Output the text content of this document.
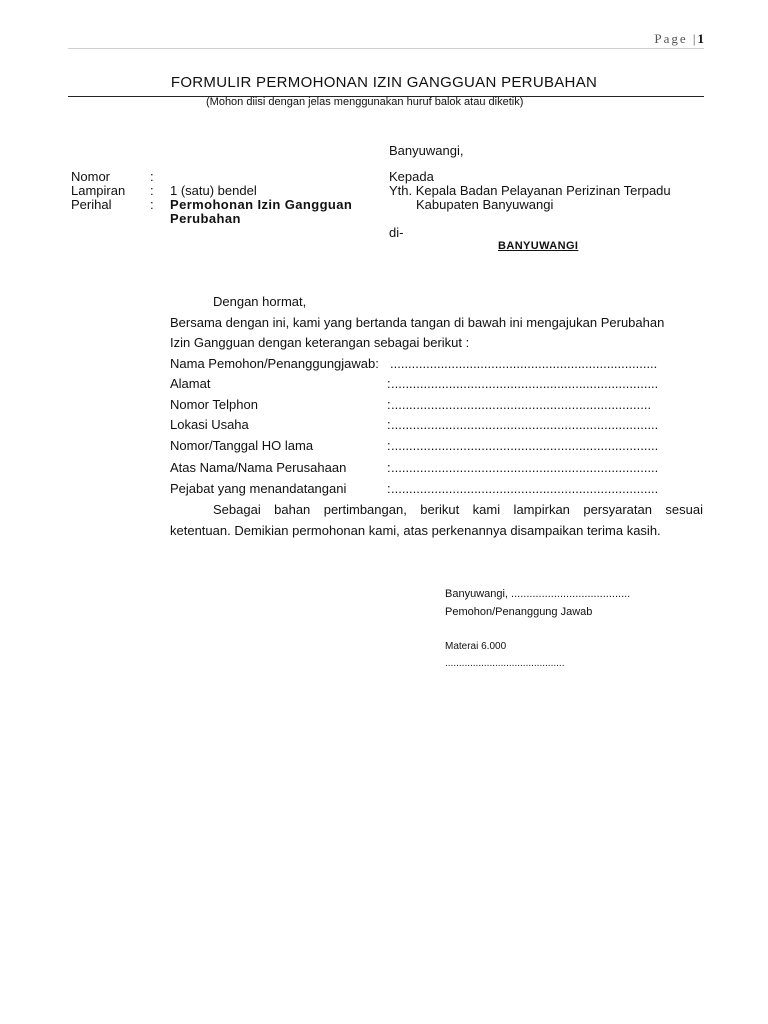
Page |1
FORMULIR PERMOHONAN IZIN GANGGUAN PERUBAHAN
(Mohon diisi dengan jelas menggunakan huruf balok atau diketik)
Banyuwangi,
Nomor	:
Lampiran : 1 (satu) bendel
Perihal	: Permohonan Izin Gangguan
Perubahan
Kepada
Yth. Kepala Badan Pelayanan Perizinan Terpadu
Kabupaten Banyuwangi
di-
BANYUWANGI
Dengan hormat,
Bersama dengan ini, kami yang bertanda tangan di bawah ini mengajukan Perubahan
Izin Gangguan dengan keterangan sebagai berikut :
Nama Pemohon/Penanggungjawab: ..........................................................................
Alamat	: ..........................................................................
Nomor Telphon	: ........................................................................
Lokasi Usaha	: ..........................................................................
Nomor/Tanggal HO lama	: ..........................................................................
Atas Nama/Nama Perusahaan	: ..........................................................................
Pejabat yang menandatangani	: ..........................................................................
Sebagai bahan pertimbangan, berikut kami lampirkan persyaratan sesuai
ketentuan. Demikian permohonan kami, atas perkenannya disampaikan terima kasih.
Banyuwangi, .......................................
Pemohon/Penanggung Jawab
Materai 6.000
...........................................
